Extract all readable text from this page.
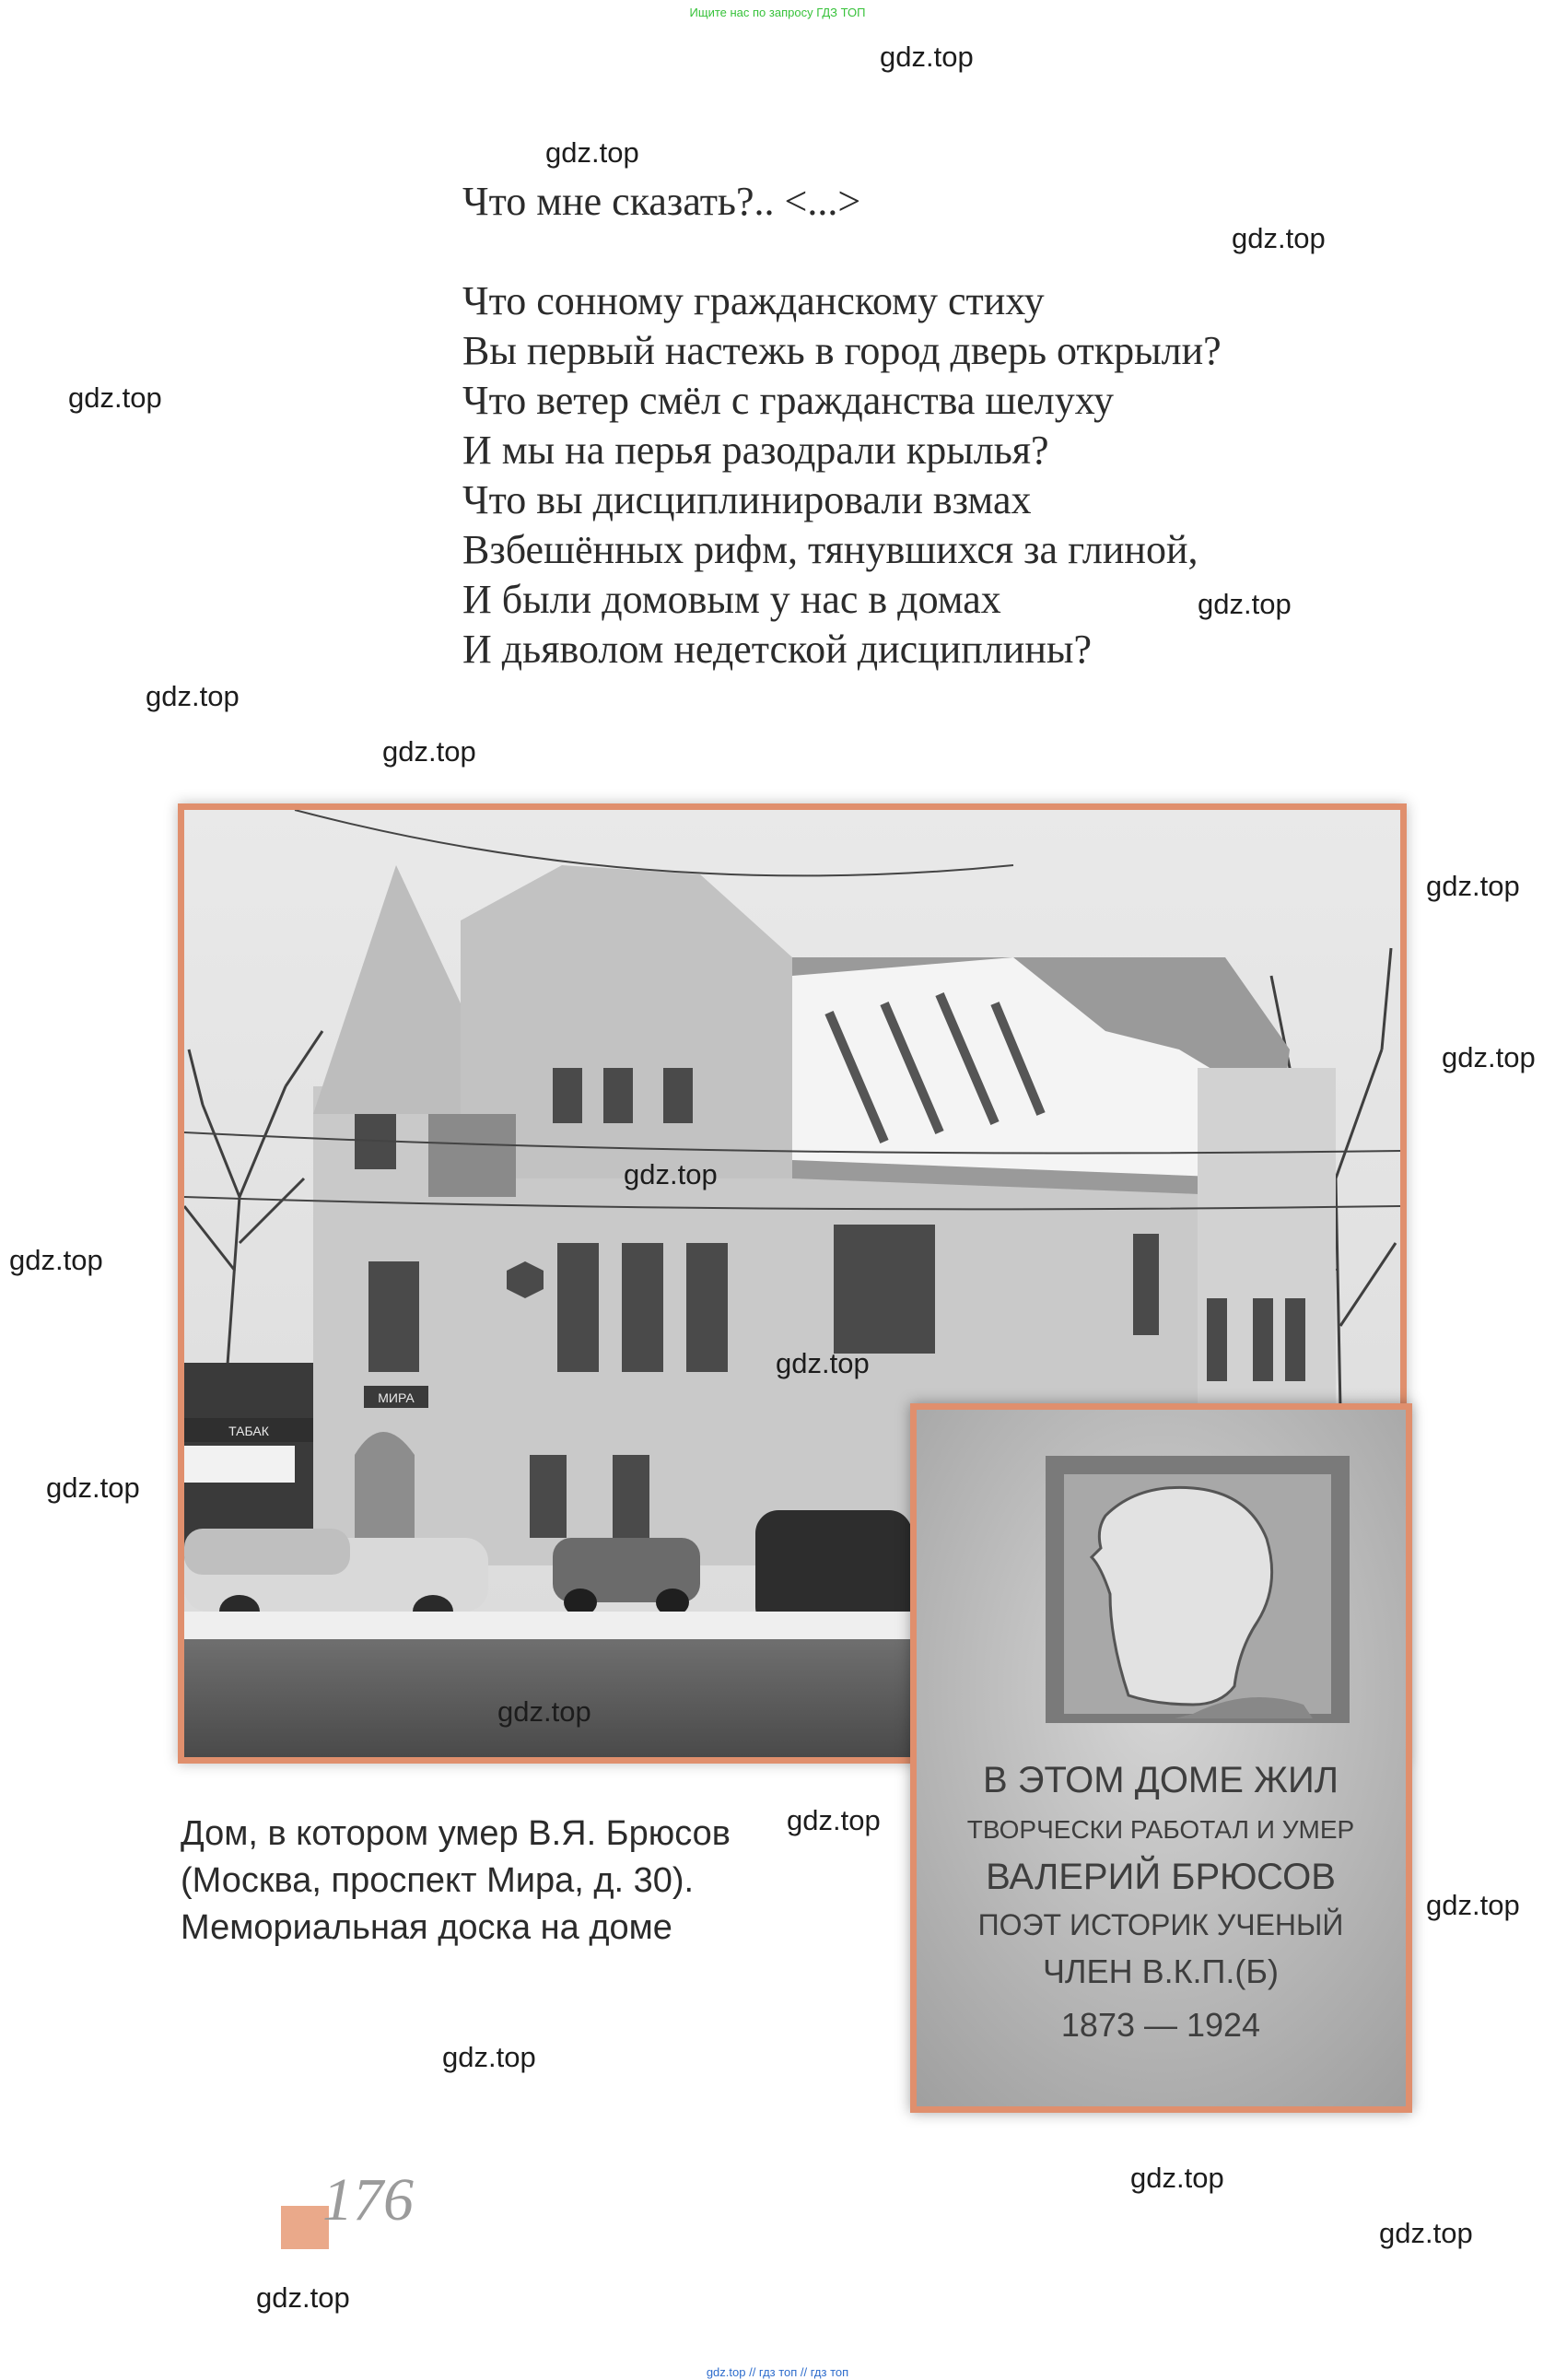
Ищите нас по запросу ГДЗ ТОП
gdz.top
gdz.top
gdz.top
gdz.top
gdz.top
gdz.top
gdz.top
gdz.top
gdz.top
gdz.top
gdz.top
gdz.top
gdz.top
gdz.top
gdz.top
gdz.top
gdz.top
gdz.top
gdz.top
gdz.top
Что мне сказать?.. <...>
Что сонному гражданскому стиху
Вы первый настежь в город дверь открыли?
Что ветер смёл с гражданства шелуху
И мы на перья разодрали крылья?
Что вы дисциплинировали взмах
Взбешённых рифм, тянувшихся за глиной,
И были домовым у нас в домах
И дьяволом недетской дисциплины?
МИРА
ТАБАК
В ЭТОМ ДОМЕ ЖИЛ
ТВОРЧЕСКИ РАБОТАЛ И УМЕР
ВАЛЕРИЙ БРЮСОВ
ПОЭТ ИСТОРИК УЧЕНЫЙ
ЧЛЕН В.К.П.(Б)
1873 — 1924
Дом, в котором умер В.Я. Брюсов
(Москва, проспект Мира, д. 30).
Мемориальная доска на доме
176
gdz.top // гдз топ // гдз топ
